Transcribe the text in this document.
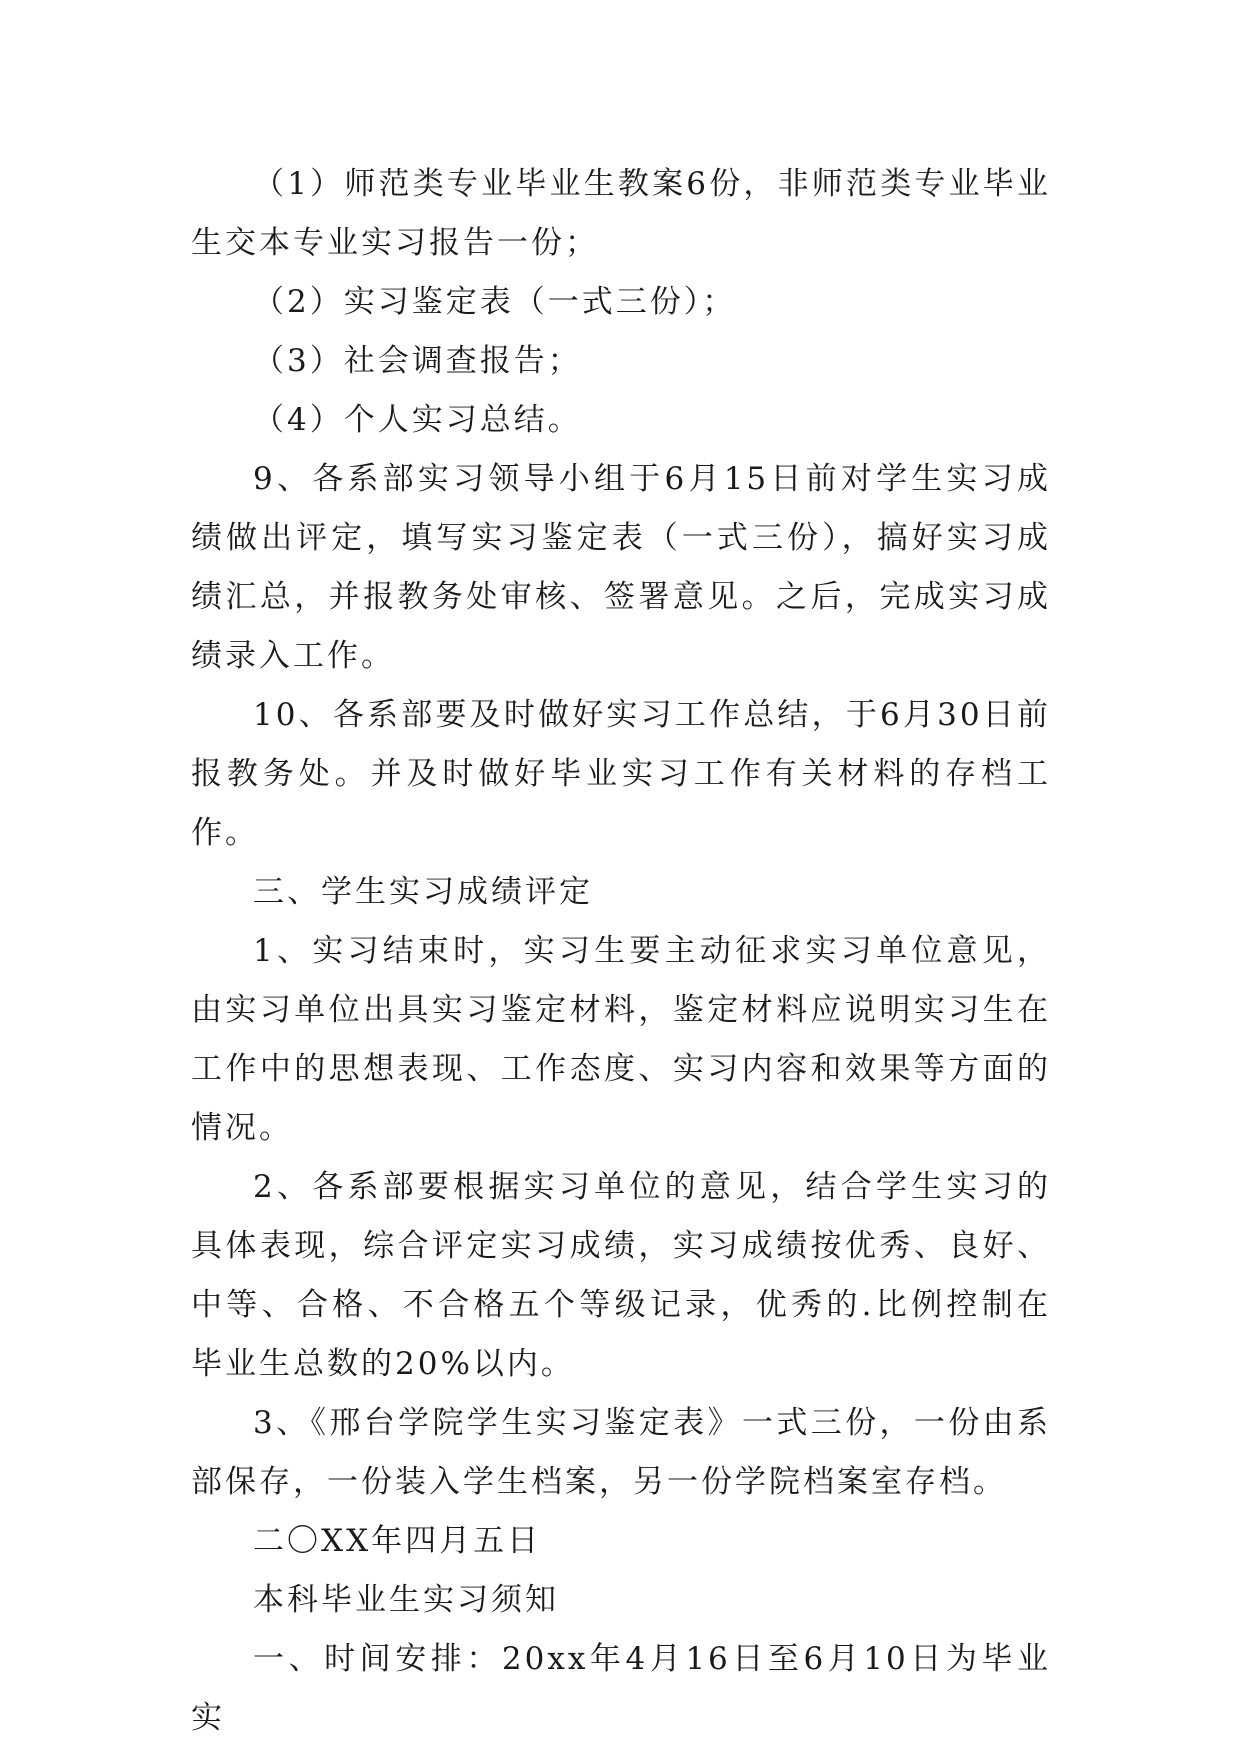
（1）师范类专业毕业生教案6份，非师范类专业毕业生交本专业实习报告一份；

（2）实习鉴定表（一式三份）；

（3）社会调查报告；

（4）个人实习总结。

9、各系部实习领导小组于6月15日前对学生实习成绩做出评定，填写实习鉴定表（一式三份），搞好实习成绩汇总，并报教务处审核、签署意见。之后，完成实习成绩录入工作。

10、各系部要及时做好实习工作总结，于6月30日前报教务处。并及时做好毕业实习工作有关材料的存档工作。

三、学生实习成绩评定

1、实习结束时，实习生要主动征求实习单位意见，由实习单位出具实习鉴定材料，鉴定材料应说明实习生在工作中的思想表现、工作态度、实习内容和效果等方面的情况。

2、各系部要根据实习单位的意见，结合学生实习的具体表现，综合评定实习成绩，实习成绩按优秀、良好、中等、合格、不合格五个等级记录，优秀的.比例控制在毕业生总数的20%以内。

3、《邢台学院学生实习鉴定表》一式三份，一份由系部保存，一份装入学生档案，另一份学院档案室存档。

二〇XX年四月五日

本科毕业生实习须知

一、时间安排：20xx年4月16日至6月10日为毕业实
